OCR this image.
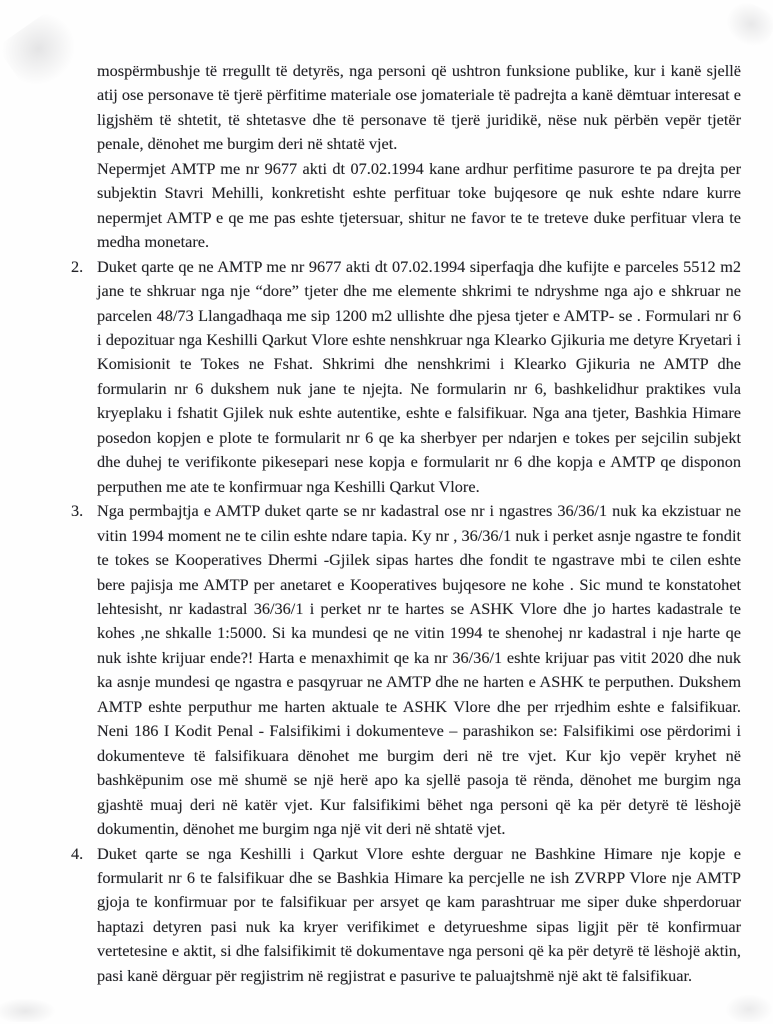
mospërmbushje të rregullt të detyrës, nga personi që ushtron funksione publike, kur i kanë sjellë atij ose personave të tjerë përfitime materiale ose jomateriale të padrejta a kanë dëmtuar interesat e ligjshëm të shtetit, të shtetasve dhe të personave të tjerë juridikë, nëse nuk përbën vepër tjetër penale, dënohet me burgim deri në shtatë vjet.

Nepermjet AMTP me nr 9677 akti dt 07.02.1994 kane ardhur perfitime pasurore te pa drejta per subjektin Stavri Mehilli, konkretisht eshte perfituar toke bujqesore qe nuk eshte ndare kurre nepermjet AMTP e qe me pas eshte tjetersuar, shitur ne favor te te treteve duke perfituar vlera te medha monetare.

2. Duket qarte qe ne AMTP me nr 9677 akti dt 07.02.1994 siperfaqja dhe kufijte e parceles 5512 m2 jane te shkruar nga nje “dore” tjeter dhe me elemente shkrimi te ndryshme nga ajo e shkruar ne parcelen 48/73 Llangadhaqa me sip 1200 m2 ullishte dhe pjesa tjeter e AMTP- se . Formulari nr 6 i depozituar nga Keshilli Qarkut Vlore eshte nenshkruar nga Klearko Gjikuria me detyre Kryetari i Komisionit te Tokes ne Fshat. Shkrimi dhe nenshkrimi i Klearko Gjikuria ne AMTP dhe formularin nr 6 dukshem nuk jane te njejta. Ne formularin nr 6, bashkelidhur praktikes vula kryeplaku i fshatit Gjilek nuk eshte autentike, eshte e falsifikuar. Nga ana tjeter, Bashkia Himare posedon kopjen e plote te formularit nr 6 qe ka sherbyer per ndarjen e tokes per sejcilin subjekt dhe duhej te verifikonte pikesepari nese kopja e formularit nr 6 dhe kopja e AMTP qe disponon perputhen me ate te konfirmuar nga Keshilli Qarkut Vlore.

3. Nga permbajtja e AMTP duket qarte se nr kadastral ose nr i ngastres 36/36/1 nuk ka ekzistuar ne vitin 1994 moment ne te cilin eshte ndare tapia. Ky nr , 36/36/1 nuk i perket asnje ngastre te fondit te tokes se Kooperatives Dhermi -Gjilek sipas hartes dhe fondit te ngastrave mbi te cilen eshte bere pajisja me AMTP per anetaret e Kooperatives bujqesore ne kohe . Sic mund te konstatohet lehtesisht, nr kadastral 36/36/1 i perket nr te hartes se ASHK Vlore dhe jo hartes kadastrale te kohes ,ne shkalle 1:5000. Si ka mundesi qe ne vitin 1994 te shenohej nr kadastral i nje harte qe nuk ishte krijuar ende?! Harta e menaxhimit qe ka nr 36/36/1 eshte krijuar pas vitit 2020 dhe nuk ka asnje mundesi qe ngastra e pasqyruar ne AMTP dhe ne harten e ASHK te perputhen. Dukshem AMTP eshte perputhur me harten aktuale te ASHK Vlore dhe per rrjedhim eshte e falsifikuar. Neni 186 I Kodit Penal - Falsifikimi i dokumenteve – parashikon se: Falsifikimi ose përdorimi i dokumenteve të falsifikuara dënohet me burgim deri në tre vjet. Kur kjo vepër kryhet në bashkëpunim ose më shumë se një herë apo ka sjellë pasoja të rënda, dënohet me burgim nga gjashtë muaj deri në katër vjet. Kur falsifikimi bëhet nga personi që ka për detyrë të lëshojë dokumentin, dënohet me burgim nga një vit deri në shtatë vjet.

4. Duket qarte se nga Keshilli i Qarkut Vlore eshte derguar ne Bashkine Himare nje kopje e formularit nr 6 te falsifikuar dhe se Bashkia Himare ka percjelle ne ish ZVRPP Vlore nje AMTP gjoja te konfirmuar por te falsifikuar per arsyet qe kam parashtruar me siper duke shperdoruar haptazi detyren pasi nuk ka kryer verifikimet e detyrueshme sipas ligjit për të konfirmuar vertetesine e aktit, si dhe falsifikimit të dokumentave nga personi që ka për detyrë të lëshojë aktin, pasi kanë dërguar për regjistrim në regjistrat e pasurive te paluajtshmë një akt të falsifikuar.
